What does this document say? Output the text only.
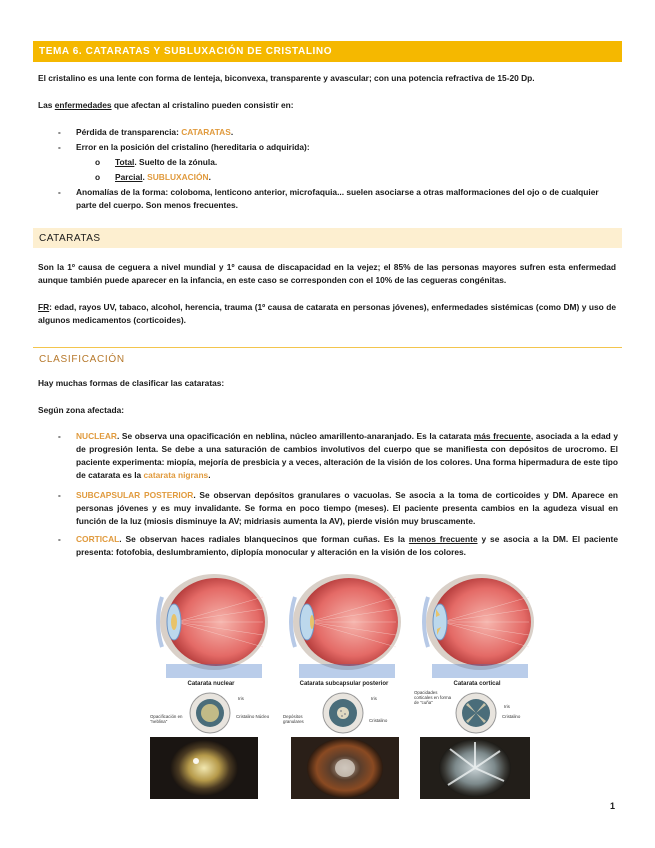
TEMA 6. CATARATAS Y SUBLUXACIÓN DE CRISTALINO
El cristalino es una lente con forma de lenteja, biconvexa, transparente y avascular; con una potencia refractiva de 15-20 Dp.
Las enfermedades que afectan al cristalino pueden consistir en:
- Pérdida de transparencia: CATARATAS.
- Error en la posición del cristalino (hereditaria o adquirida):
o Total. Suelto de la zónula.
o Parcial. SUBLUXACIÓN.
- Anomalías de la forma: coloboma, lenticono anterior, microfaquia... suelen asociarse a otras malformaciones del ojo o de cualquier parte del cuerpo. Son menos frecuentes.
CATARATAS
Son la 1º causa de ceguera a nivel mundial y 1º causa de discapacidad en la vejez; el 85% de las personas mayores sufren esta enfermedad aunque también puede aparecer en la infancia, en este caso se corresponden con el 10% de las cegueras congénitas.
FR: edad, rayos UV, tabaco, alcohol, herencia, trauma (1º causa de catarata en personas jóvenes), enfermedades sistémicas (como DM) y uso de algunos medicamentos (corticoides).
CLASIFICACIÓN
Hay muchas formas de clasificar las cataratas:
Según zona afectada:
- NUCLEAR. Se observa una opacificación en neblina, núcleo amarillento-anaranjado. Es la catarata más frecuente, asociada a la edad y de progresión lenta. Se debe a una saturación de cambios involutivos del cuerpo que se manifiesta con depósitos de urocromo. El paciente experimenta: miopía, mejoría de presbicia y a veces, alteración de la visión de los colores. Una forma hipermadura de este tipo de catarata es la catarata nigrans.
- SUBCAPSULAR POSTERIOR. Se observan depósitos granulares o vacuolas. Se asocia a la toma de corticoides y DM. Aparece en personas jóvenes y es muy invalidante. Se forma en poco tiempo (meses). El paciente presenta cambios en la agudeza visual en función de la luz (miosis disminuye la AV; midriasis aumenta la AV), pierde visión muy bruscamente.
- CORTICAL. Se observan haces radiales blanquecinos que forman cuñas. Es la menos frecuente y se asocia a la DM. El paciente presenta: fotofobia, deslumbramiento, diplopía monocular y alteración en la visión de los colores.
Catarata nuclear
Iris
Opacificación en "neblina"
Cristalino Núcleo
Catarata subcapsular posterior
Iris
Depósitos granulares	Cristalino
Catarata cortical
Opacidades corticales en forma de "cuña"
Iris
Cristalino
1
